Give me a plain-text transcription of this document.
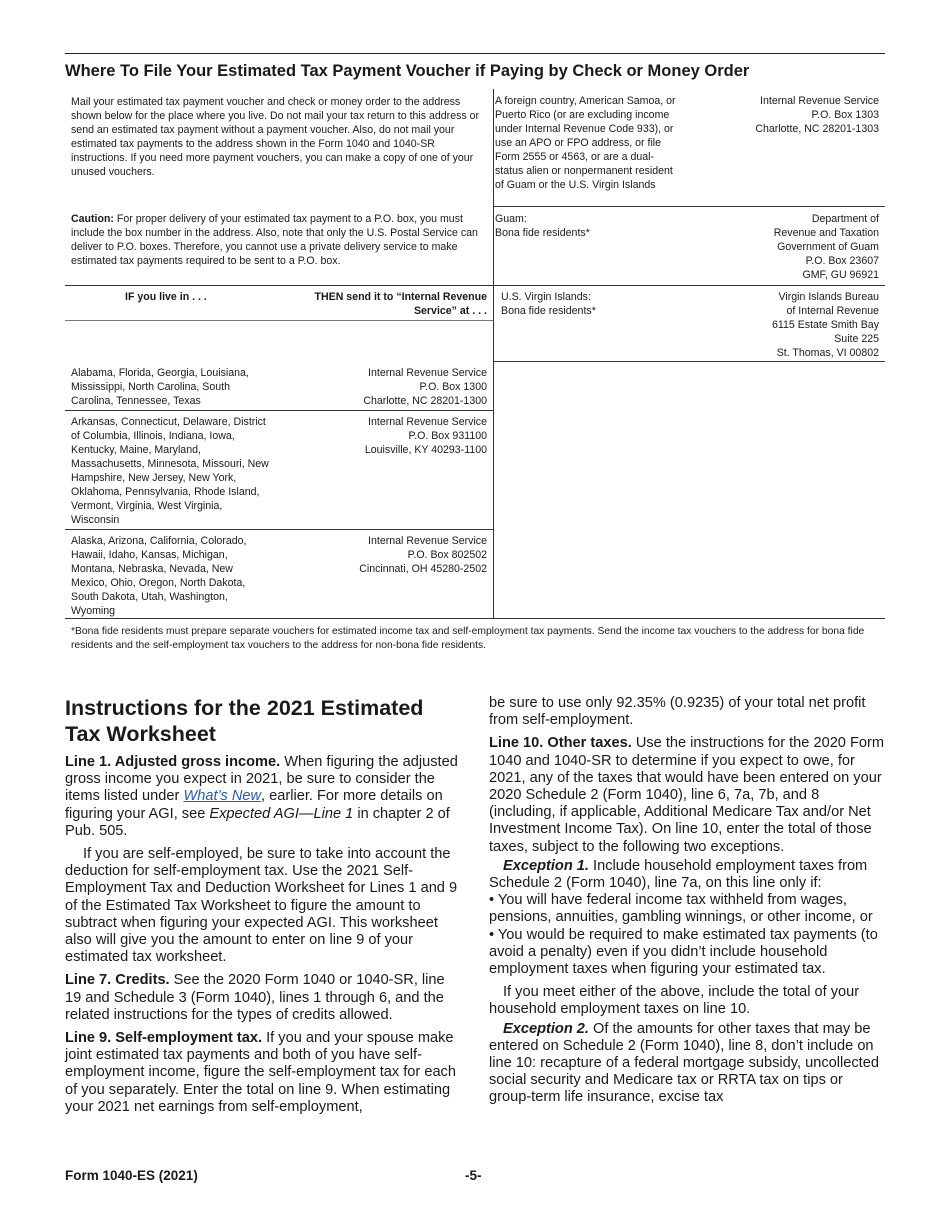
Where To File Your Estimated Tax Payment Voucher if Paying by Check or Money Order
Mail your estimated tax payment voucher and check or money order to the address shown below for the place where you live. Do not mail your tax return to this address or send an estimated tax payment without a payment voucher. Also, do not mail your estimated tax payments to the address shown in the Form 1040 and 1040-SR instructions. If you need more payment vouchers, you can make a copy of one of your unused vouchers.
Caution: For proper delivery of your estimated tax payment to a P.O. box, you must include the box number in the address. Also, note that only the U.S. Postal Service can deliver to P.O. boxes. Therefore, you cannot use a private delivery service to make estimated tax payments required to be sent to a P.O. box.
IF you live in . . .	THEN send it to “Internal Revenue Service” at . . .
Alabama, Florida, Georgia, Louisiana, Mississippi, North Carolina, South Carolina, Tennessee, Texas
Internal Revenue Service
P.O. Box 1300
Charlotte, NC 28201-1300
Arkansas, Connecticut, Delaware, District of Columbia, Illinois, Indiana, Iowa, Kentucky, Maine, Maryland, Massachusetts, Minnesota, Missouri, New Hampshire, New Jersey, New York, Oklahoma, Pennsylvania, Rhode Island, Vermont, Virginia, West Virginia, Wisconsin
Internal Revenue Service
P.O. Box 931100
Louisville, KY 40293-1100
Alaska, Arizona, California, Colorado, Hawaii, Idaho, Kansas, Michigan, Montana, Nebraska, Nevada, New Mexico, Ohio, Oregon, North Dakota, South Dakota, Utah, Washington, Wyoming
Internal Revenue Service
P.O. Box 802502
Cincinnati, OH 45280-2502
A foreign country, American Samoa, or Puerto Rico (or are excluding income under Internal Revenue Code 933), or use an APO or FPO address, or file Form 2555 or 4563, or are a dual-status alien or nonpermanent resident of Guam or the U.S. Virgin Islands
Internal Revenue Service
P.O. Box 1303
Charlotte, NC 28201-1303
Guam:
Bona fide residents*
Department of
Revenue and Taxation
Government of Guam
P.O. Box 23607
GMF, GU 96921
U.S. Virgin Islands:
Bona fide residents*
Virgin Islands Bureau
of Internal Revenue
6115 Estate Smith Bay
Suite 225
St. Thomas, VI 00802
*Bona fide residents must prepare separate vouchers for estimated income tax and self-employment tax payments. Send the income tax vouchers to the address for bona fide residents and the self-employment tax vouchers to the address for non-bona fide residents.
Instructions for the 2021 Estimated Tax Worksheet

Line 1. Adjusted gross income. When figuring the adjusted gross income you expect in 2021, be sure to consider the items listed under What’s New, earlier. For more details on figuring your AGI, see Expected AGI—Line 1 in chapter 2 of Pub. 505.

If you are self-employed, be sure to take into account the deduction for self-employment tax. Use the 2021 Self-Employment Tax and Deduction Worksheet for Lines 1 and 9 of the Estimated Tax Worksheet to figure the amount to subtract when figuring your expected AGI. This worksheet also will give you the amount to enter on line 9 of your estimated tax worksheet.

Line 7. Credits. See the 2020 Form 1040 or 1040-SR, line 19 and Schedule 3 (Form 1040), lines 1 through 6, and the related instructions for the types of credits allowed.

Line 9. Self-employment tax. If you and your spouse make joint estimated tax payments and both of you have self-employment income, figure the self-employment tax for each of you separately. Enter the total on line 9. When estimating your 2021 net earnings from self-employment,

be sure to use only 92.35% (0.9235) of your total net profit from self-employment.

Line 10. Other taxes. Use the instructions for the 2020 Form 1040 and 1040-SR to determine if you expect to owe, for 2021, any of the taxes that would have been entered on your 2020 Schedule 2 (Form 1040), line 6, 7a, 7b, and 8 (including, if applicable, Additional Medicare Tax and/or Net Investment Income Tax). On line 10, enter the total of those taxes, subject to the following two exceptions.

Exception 1. Include household employment taxes from Schedule 2 (Form 1040), line 7a, on this line only if:

• You will have federal income tax withheld from wages, pensions, annuities, gambling winnings, or other income, or

• You would be required to make estimated tax payments (to avoid a penalty) even if you didn’t include household employment taxes when figuring your estimated tax.

If you meet either of the above, include the total of your household employment taxes on line 10.

Exception 2. Of the amounts for other taxes that may be entered on Schedule 2 (Form 1040), line 8, don’t include on line 10: recapture of a federal mortgage subsidy, uncollected social security and Medicare tax or RRTA tax on tips or group-term life insurance, excise tax

Form 1040-ES (2021)	-5-
